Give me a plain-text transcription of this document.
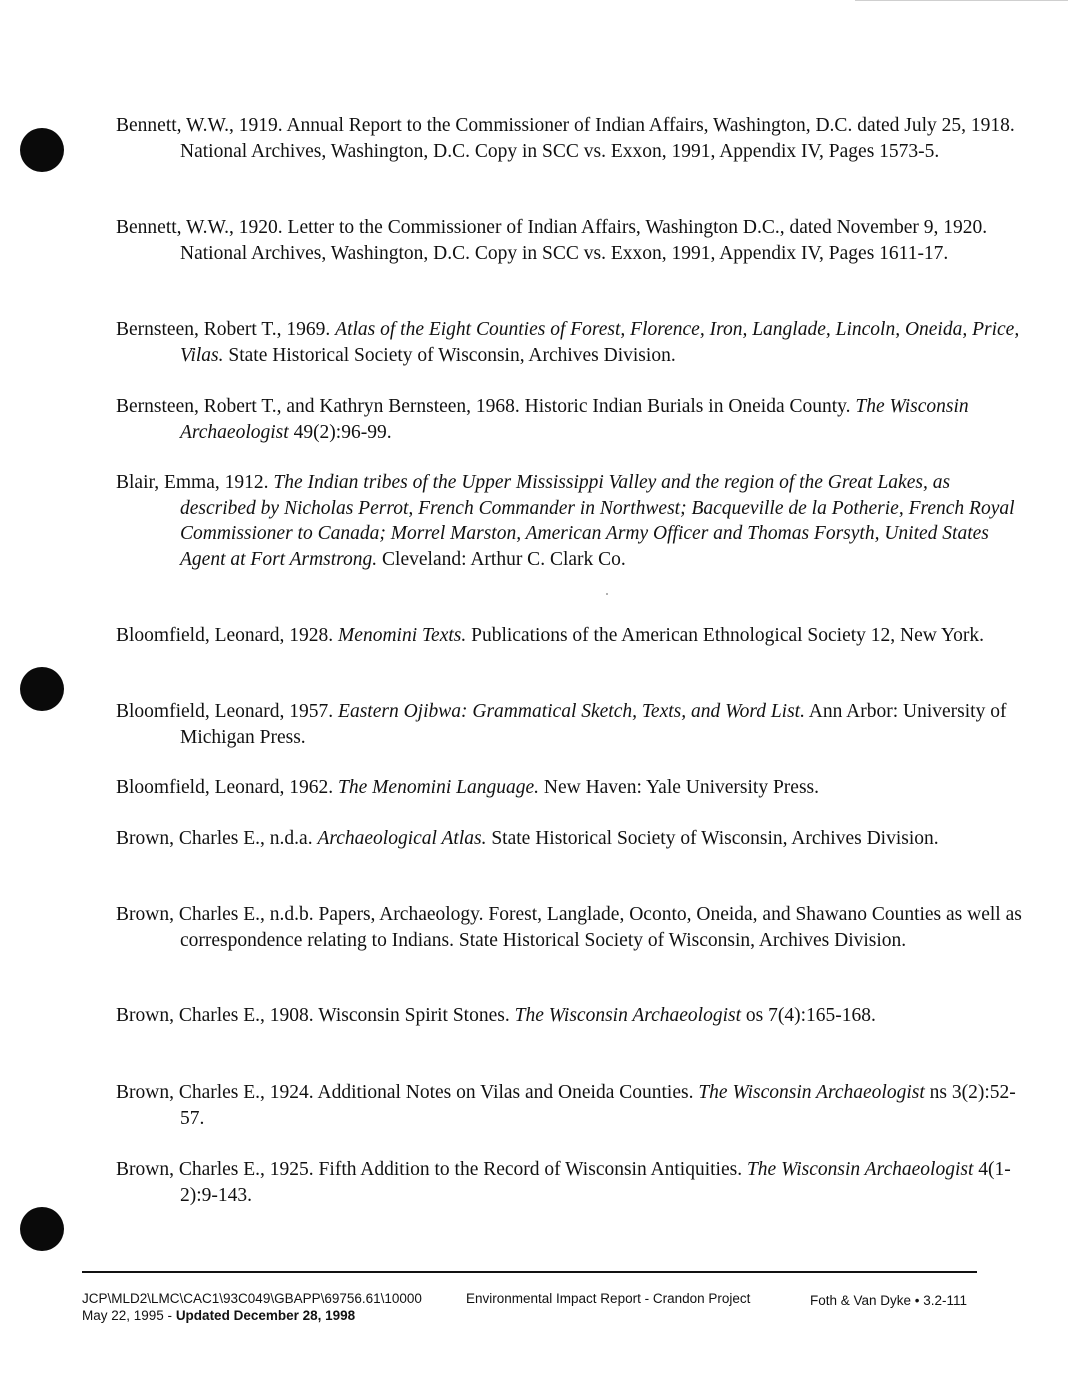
Bennett, W.W., 1919. Annual Report to the Commissioner of Indian Affairs, Washington, D.C. dated July 25, 1918. National Archives, Washington, D.C. Copy in SCC vs. Exxon, 1991, Appendix IV, Pages 1573-5.
Bennett, W.W., 1920. Letter to the Commissioner of Indian Affairs, Washington D.C., dated November 9, 1920. National Archives, Washington, D.C. Copy in SCC vs. Exxon, 1991, Appendix IV, Pages 1611-17.
Bernsteen, Robert T., 1969. Atlas of the Eight Counties of Forest, Florence, Iron, Langlade, Lincoln, Oneida, Price, Vilas. State Historical Society of Wisconsin, Archives Division.
Bernsteen, Robert T., and Kathryn Bernsteen, 1968. Historic Indian Burials in Oneida County. The Wisconsin Archaeologist 49(2):96-99.
Blair, Emma, 1912. The Indian tribes of the Upper Mississippi Valley and the region of the Great Lakes, as described by Nicholas Perrot, French Commander in Northwest; Bacqueville de la Potherie, French Royal Commissioner to Canada; Morrel Marston, American Army Officer and Thomas Forsyth, United States Agent at Fort Armstrong. Cleveland: Arthur C. Clark Co.
Bloomfield, Leonard, 1928. Menomini Texts. Publications of the American Ethnological Society 12, New York.
Bloomfield, Leonard, 1957. Eastern Ojibwa: Grammatical Sketch, Texts, and Word List. Ann Arbor: University of Michigan Press.
Bloomfield, Leonard, 1962. The Menomini Language. New Haven: Yale University Press.
Brown, Charles E., n.d.a. Archaeological Atlas. State Historical Society of Wisconsin, Archives Division.
Brown, Charles E., n.d.b. Papers, Archaeology. Forest, Langlade, Oconto, Oneida, and Shawano Counties as well as correspondence relating to Indians. State Historical Society of Wisconsin, Archives Division.
Brown, Charles E., 1908. Wisconsin Spirit Stones. The Wisconsin Archaeologist os 7(4):165-168.
Brown, Charles E., 1924. Additional Notes on Vilas and Oneida Counties. The Wisconsin Archaeologist ns 3(2):52-57.
Brown, Charles E., 1925. Fifth Addition to the Record of Wisconsin Antiquities. The Wisconsin Archaeologist 4(1-2):9-143.
JCP\MLD2\LMC\CAC1\93C049\GBAPP\69756.61\10000
May 22, 1995 - Updated December 28, 1998
Environmental Impact Report - Crandon Project	Foth & Van Dyke • 3.2-111
